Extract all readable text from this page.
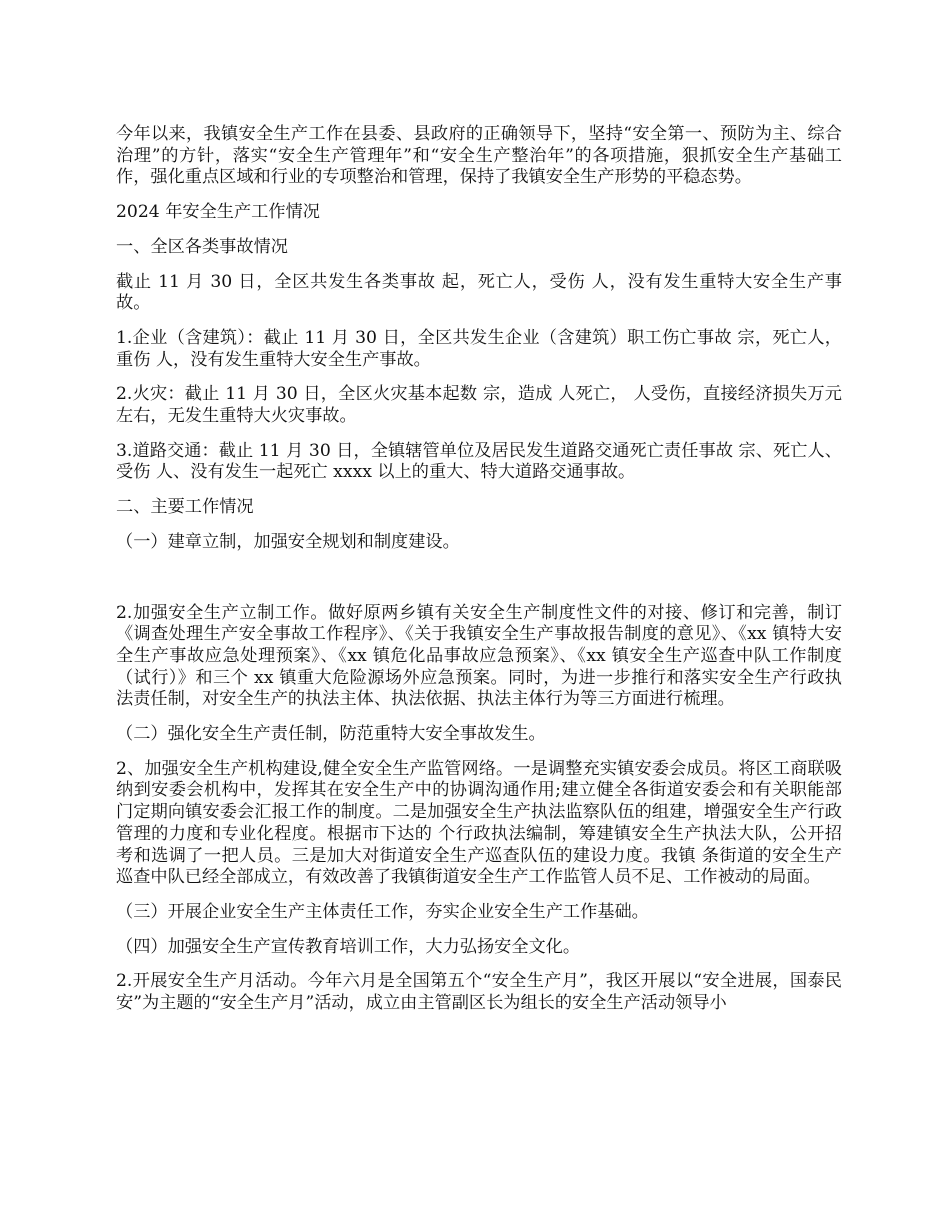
今年以来，我镇安全生产工作在县委、县政府的正确领导下，坚持“安全第一、预防为主、综合治理”的方针，落实“安全生产管理年”和“安全生产整治年”的各项措施，狠抓安全生产基础工作，强化重点区域和行业的专项整治和管理，保持了我镇安全生产形势的平稳态势。

2024 年安全生产工作情况

一、全区各类事故情况

截止 11 月 30 日，全区共发生各类事故 起，死亡人，受伤 人，没有发生重特大安全生产事故。

1.企业（含建筑）：截止 11 月 30 日，全区共发生企业（含建筑）职工伤亡事故 宗，死亡人，重伤 人，没有发生重特大安全生产事故。

2.火灾：截止 11 月 30 日，全区火灾基本起数 宗，造成 人死亡， 人受伤，直接经济损失万元左右，无发生重特大火灾事故。

3.道路交通：截止 11 月 30 日，全镇辖管单位及居民发生道路交通死亡责任事故 宗、死亡人、受伤 人、没有发生一起死亡 xxxx 以上的重大、特大道路交通事故。

二、主要工作情况

（一）建章立制，加强安全规划和制度建设。

2.加强安全生产立制工作。做好原两乡镇有关安全生产制度性文件的对接、修订和完善，制订《调查处理生产安全事故工作程序》、《关于我镇安全生产事故报告制度的意见》、《xx 镇特大安全生产事故应急处理预案》、《xx 镇危化品事故应急预案》、《xx 镇安全生产巡查中队工作制度（试行）》和三个 xx 镇重大危险源场外应急预案。同时，为进一步推行和落实安全生产行政执法责任制，对安全生产的执法主体、执法依据、执法主体行为等三方面进行梳理。

（二）强化安全生产责任制，防范重特大安全事故发生。

2、加强安全生产机构建设,健全安全生产监管网络。一是调整充实镇安委会成员。将区工商联吸纳到安委会机构中，发挥其在安全生产中的协调沟通作用;建立健全各街道安委会和有关职能部门定期向镇安委会汇报工作的制度。二是加强安全生产执法监察队伍的组建，增强安全生产行政管理的力度和专业化程度。根据市下达的 个行政执法编制，筹建镇安全生产执法大队，公开招考和选调了一把人员。三是加大对街道安全生产巡查队伍的建设力度。我镇 条街道的安全生产巡查中队已经全部成立，有效改善了我镇街道安全生产工作监管人员不足、工作被动的局面。

（三）开展企业安全生产主体责任工作，夯实企业安全生产工作基础。

（四）加强安全生产宣传教育培训工作，大力弘扬安全文化。

2.开展安全生产月活动。今年六月是全国第五个“安全生产月”，我区开展以“安全进展，国泰民安”为主题的“安全生产月”活动，成立由主管副区长为组长的安全生产活动领导小
